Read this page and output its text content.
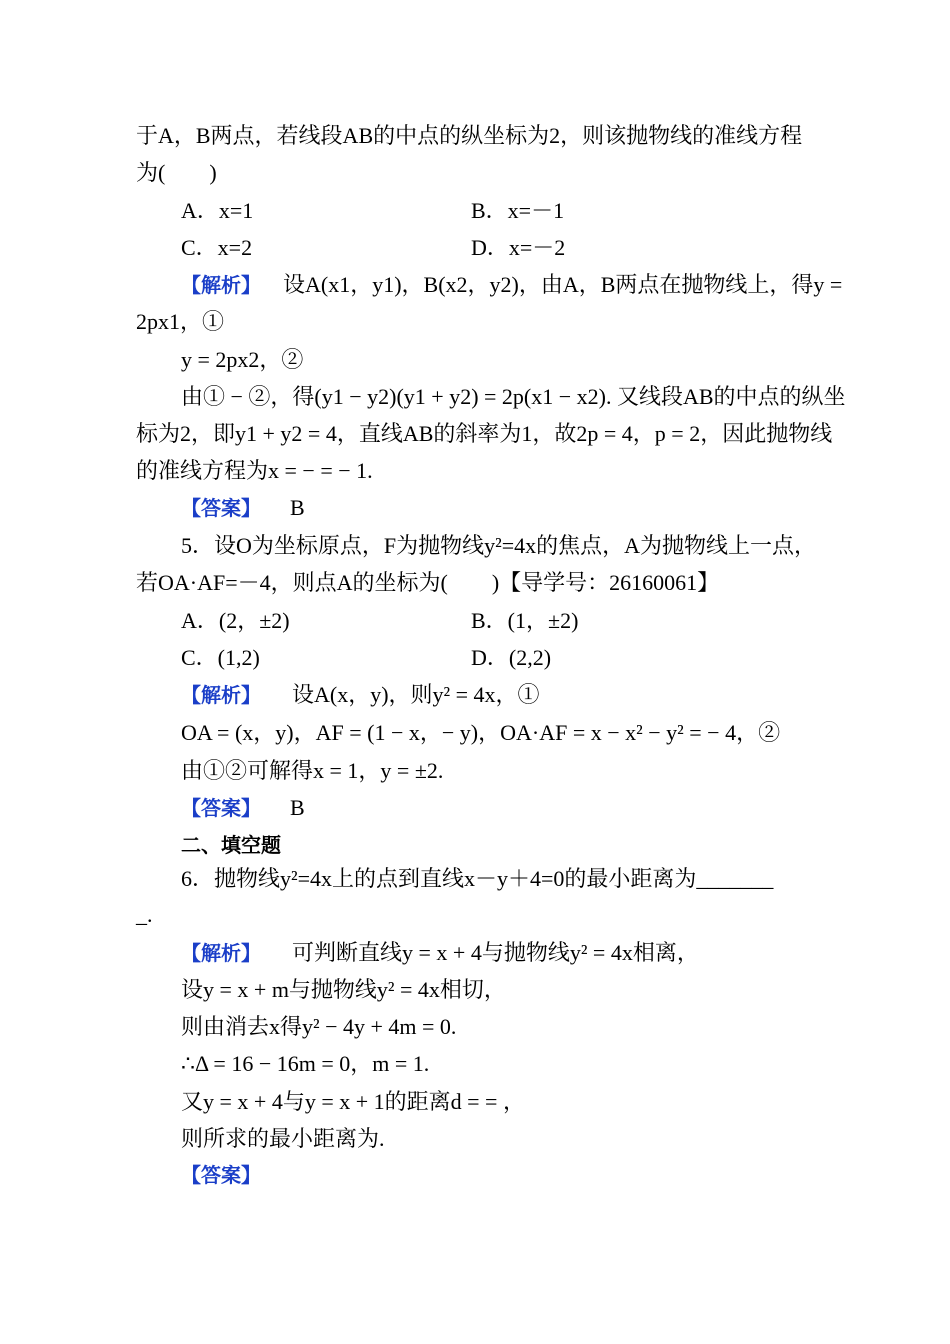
于A，B两点，若线段AB的中点的纵坐标为2，则该抛物线的准线方程
为(　　)
A．x=1	B．x=－1
C．x=2	D．x=－2
【解析】 设A(x1，y1)，B(x2，y2)，由A，B两点在抛物线上，得y =
2px1，①
y = 2px2，②
由① − ②，得(y1 − y2)(y1 + y2) = 2p(x1 − x2). 又线段AB的中点的纵坐
标为2，即y1 + y2 = 4，直线AB的斜率为1，故2p = 4，p = 2，因此抛物线
的准线方程为x = − = − 1.
【答案】 B
5．设O为坐标原点，F为抛物线y²=4x的焦点，A为抛物线上一点，
若OA·AF=－4，则点A的坐标为(　　)【导学号：26160061】
A．(2，±2)	B．(1，±2)
C．(1,2)	D．(2,2)
【解析】 设A(x，y)，则y² = 4x，①
OA = (x，y)，AF = (1 − x，− y)，OA·AF = x − x² − y² = − 4，②
由①②可解得x = 1，y = ±2.
【答案】 B
二、填空题
6．抛物线y²=4x上的点到直线x－y＋4=0的最小距离为_______
_.
【解析】 可判断直线y = x + 4与抛物线y² = 4x相离，
设y = x + m与抛物线y² = 4x相切，
则由消去x得y² − 4y + 4m = 0.
∴Δ = 16 − 16m = 0，m = 1.
又y = x + 4与y = x + 1的距离d = = ，
则所求的最小距离为.
【答案】
